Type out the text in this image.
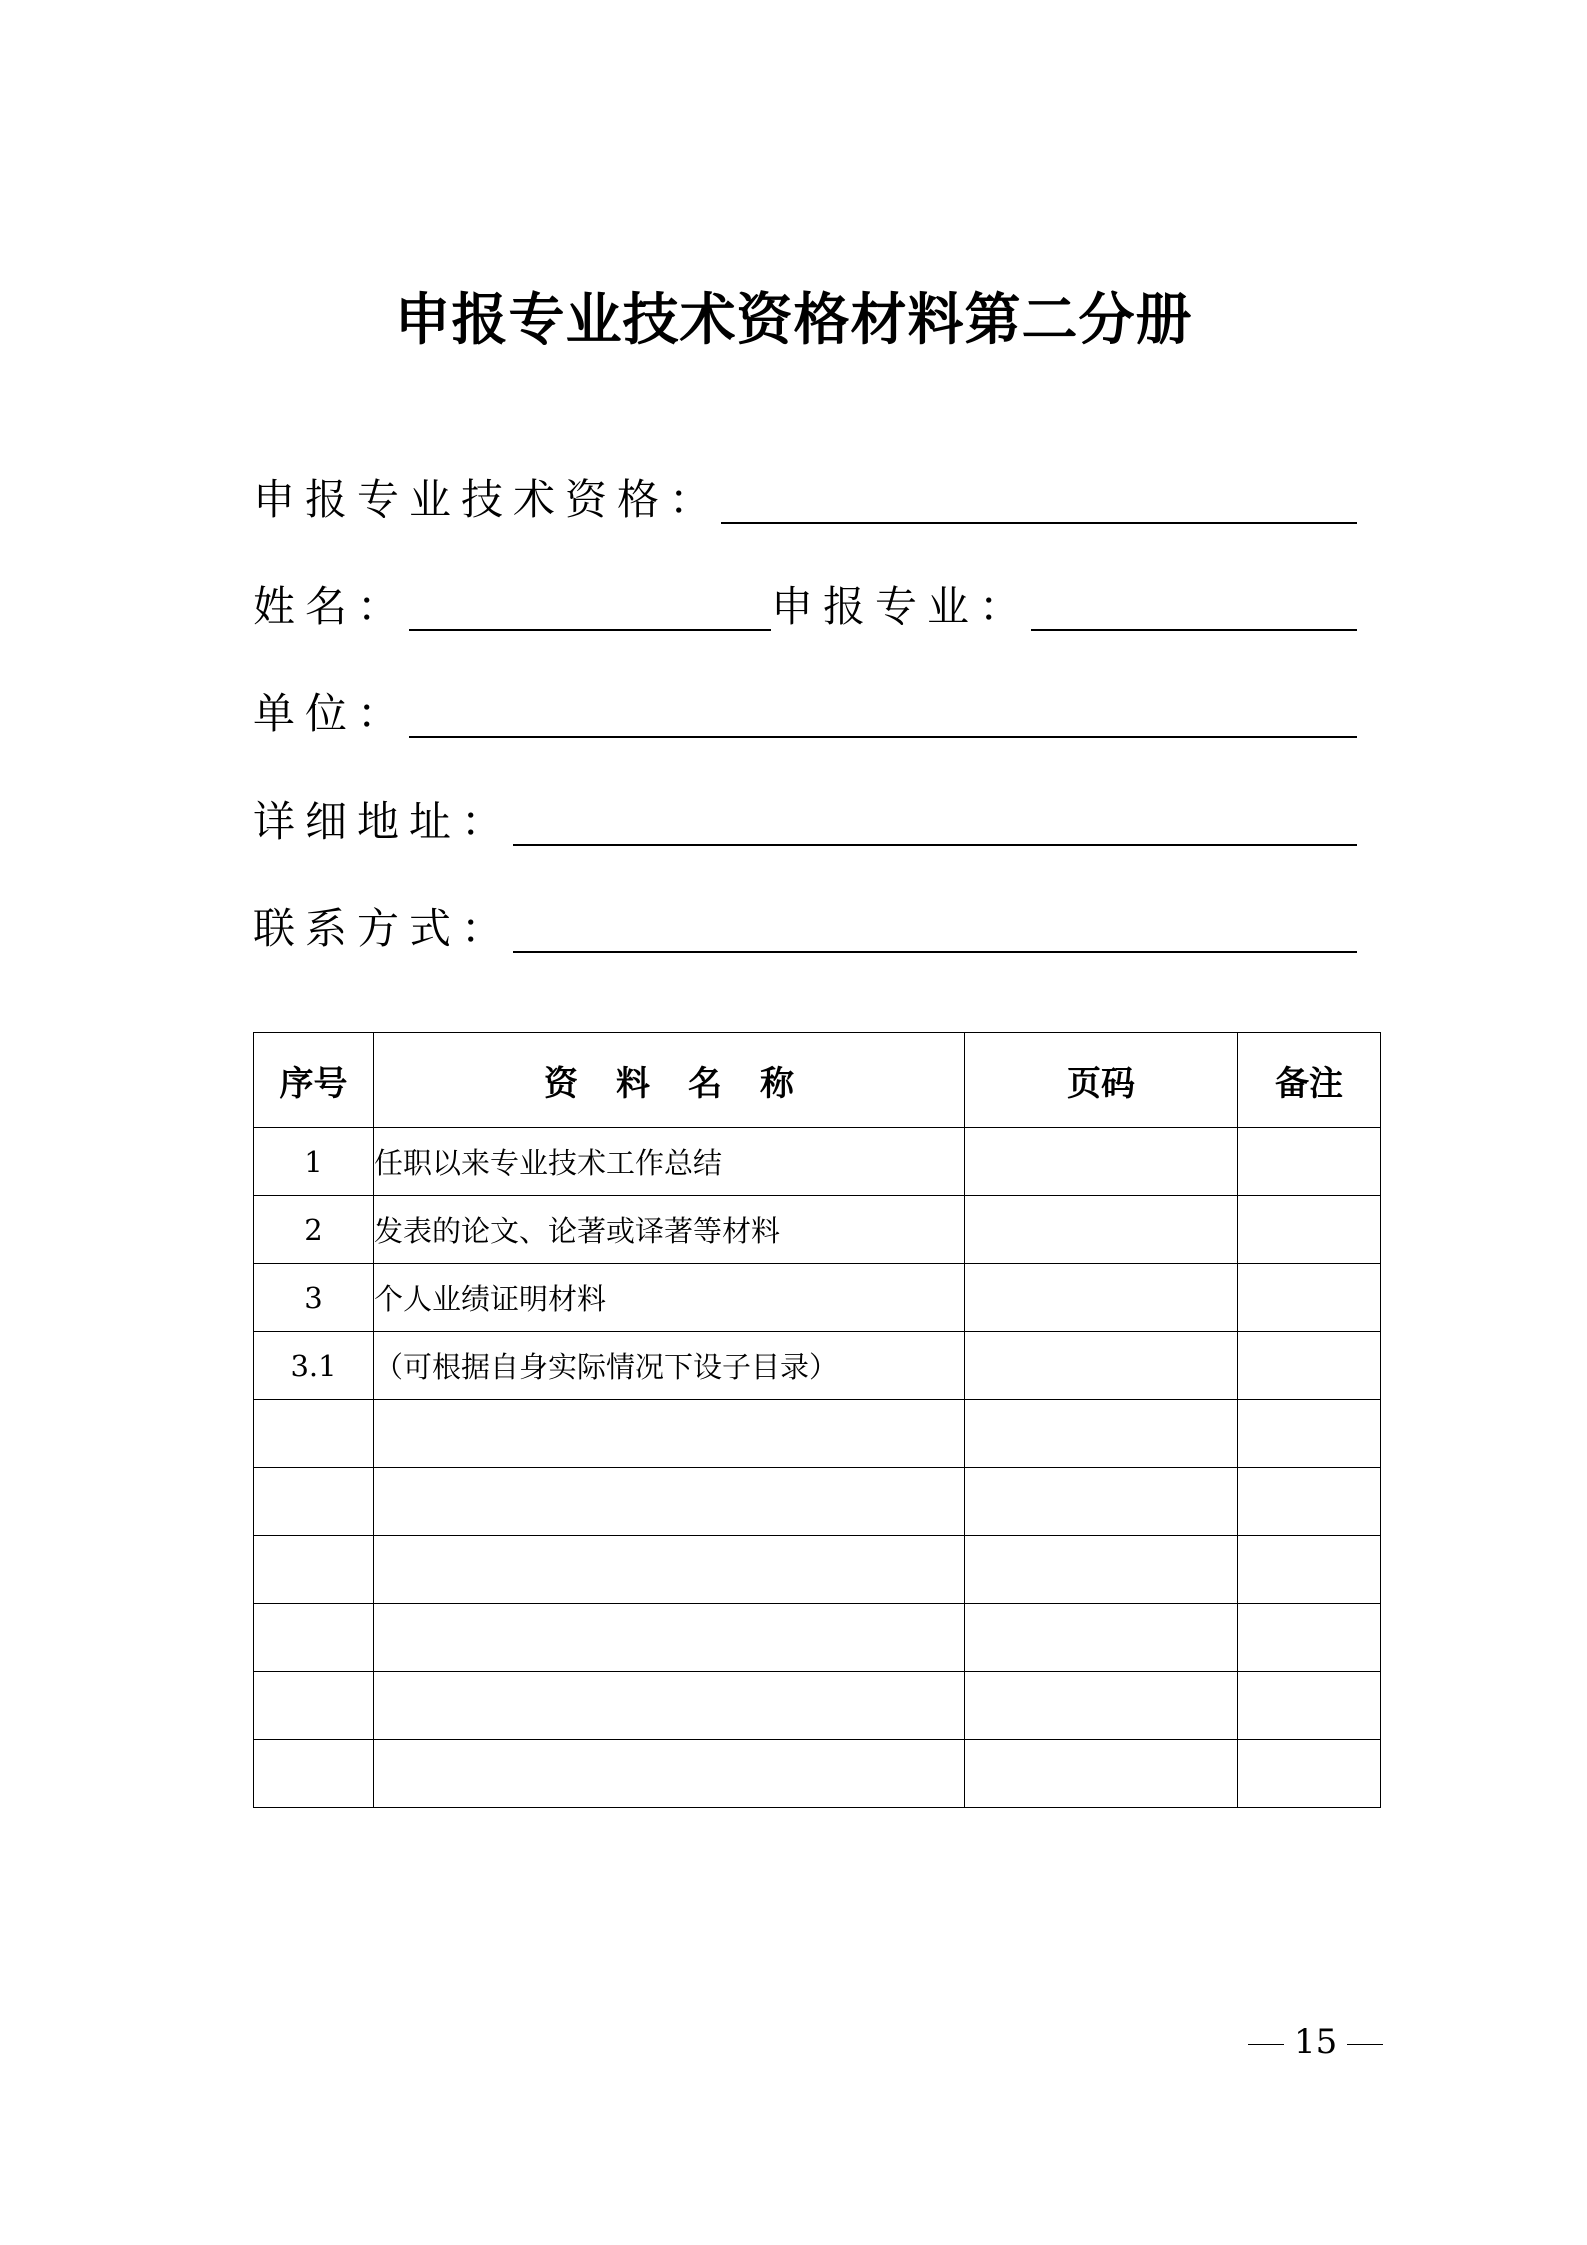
申报专业技术资格材料第二分册
申报专业技术资格：
姓名：	申报专业：
单位：
详细地址：
联系方式：
序号	资料名称	页码	备注
1	任职以来专业技术工作总结		
2	发表的论文、论著或译著等材料		
3	个人业绩证明材料		
3.1	（可根据自身实际情况下设子目录）		

15
